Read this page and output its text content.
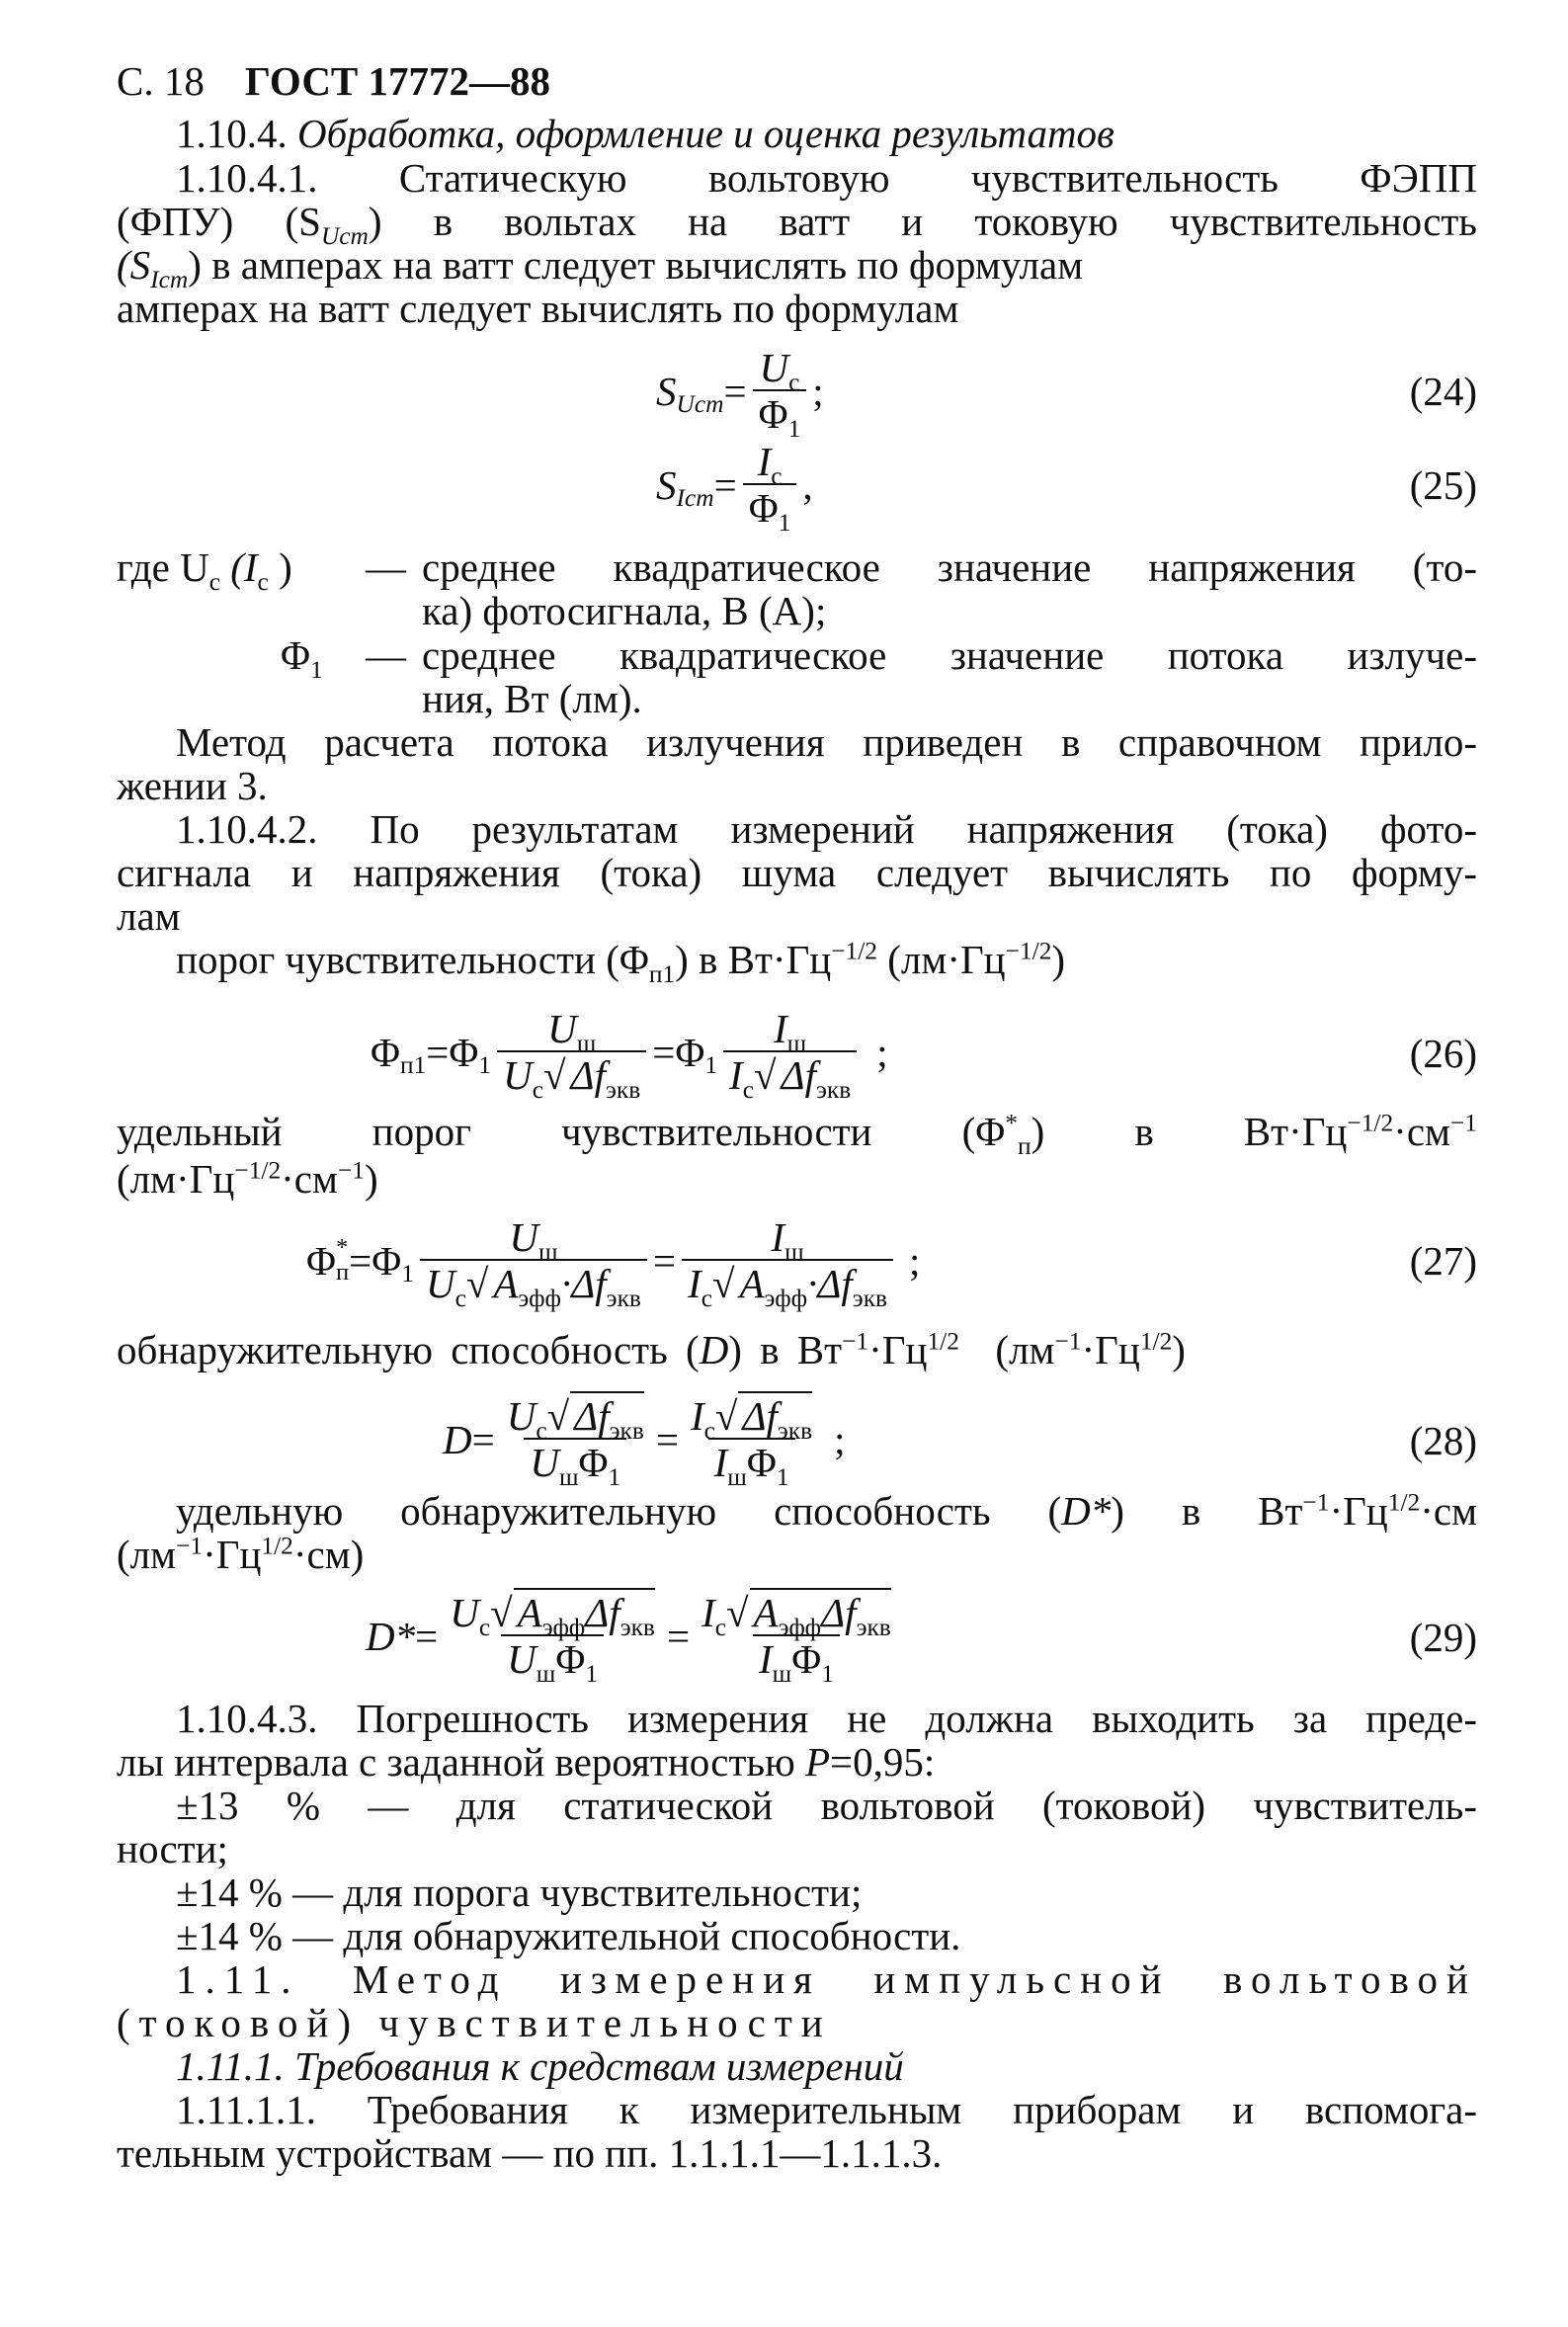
С. 18 ГОСТ 17772—88
1.10.4. Обработка, оформление и оценка результатов
1.10.4.1. Статическую вольтовую чувствительность ФЭПП
(ФПУ) $(S_{Uст})$ в вольтах на ватт и токовую чувствительность
$(S_{Iст})$ в амперах на ватт следует вычислять по формулам
амперах на ватт следует вычислять по формулам
$S_{Uст} = \frac{U_с}{\Phi_1}$ ;	(24)
$S_{Iст} = \frac{I_с}{\Phi_1}$ ,	(25)
где $U_с$ ($I_с$ )	— среднее квадратическое значение напряжения (то-
ка) фотосигнала, В (А);
$\Phi_1$	— среднее квадратическое значение потока излуче-
ния, Вт (лм).
Метод расчета потока излучения приведен в справочном прило-
жении 3.
1.10.4.2. По результатам измерений напряжения (тока) фото-
сигнала и напряжения (тока) шума следует вычислять по форму-
лам
порог чувствительности $(\Phi_{п1})$ в $Вт\cdot Гц^{-1/2}$ $(лм\cdot Гц^{-1/2})$
$\Phi_{п1} = \Phi_1 \frac{U_ш}{U_с√ \Delta f_{экв}} = \Phi_1 \frac{I_ш}{I_с√ \Delta f_{экв}}$ ;	(26)
удельный порог чувствительности $(\Phi^*_п)$ в $Вт\cdot Гц^{-1/2}\cdot см^{-1}$
$(лм\cdot Гц^{-1/2}\cdot см^{-1})$
Φ *
$п = \Phi_1 \frac{U_ш}{U_с√ A_{эфф}\cdot\Delta f_{экв}} = \frac{I_ш}{I_с√ A_{эфф}\cdot\Delta f_{экв}}$ ;	(27)
обнаружительную способность (D) в $Вт^{-1}\cdot Гц^{1/2}$  $(лм^{-1}\cdot Гц^{1/2})$
$D = \frac{U_с√ \Delta f_{экв}}{U_ш\Phi_1} = \frac{I_с√ \Delta f_{экв}}{I_ш\Phi_1}$ ;	(28)
удельную обнаружительную способность (D*) в $Вт^{-1}\cdot Гц^{1/2}\cdot см$
$(лм^{-1}\cdot Гц^{1/2}\cdot см)$
$D* = \frac{U_с√ A_{эфф}\Delta f_{экв}}{U_ш\Phi_1} = \frac{I_с√ A_{эфф}\Delta f_{экв}}{I_ш\Phi_1}$	(29)
1.10.4.3. Погрешность измерения не должна выходить за преде-
лы интервала с заданной вероятностью P=0,95:
±13 % — для статической вольтовой (токовой) чувствитель-
ности;
±14 % — для порога чувствительности;
±14 % — для обнаружительной способности.
1.11. Метод измерения импульсной вольтовой
(токовой) чувствительности
1.11.1. Требования к средствам измерений
1.11.1.1. Требования к измерительным приборам и вспомога-
тельным устройствам — по пп. 1.1.1.1—1.1.1.3.
